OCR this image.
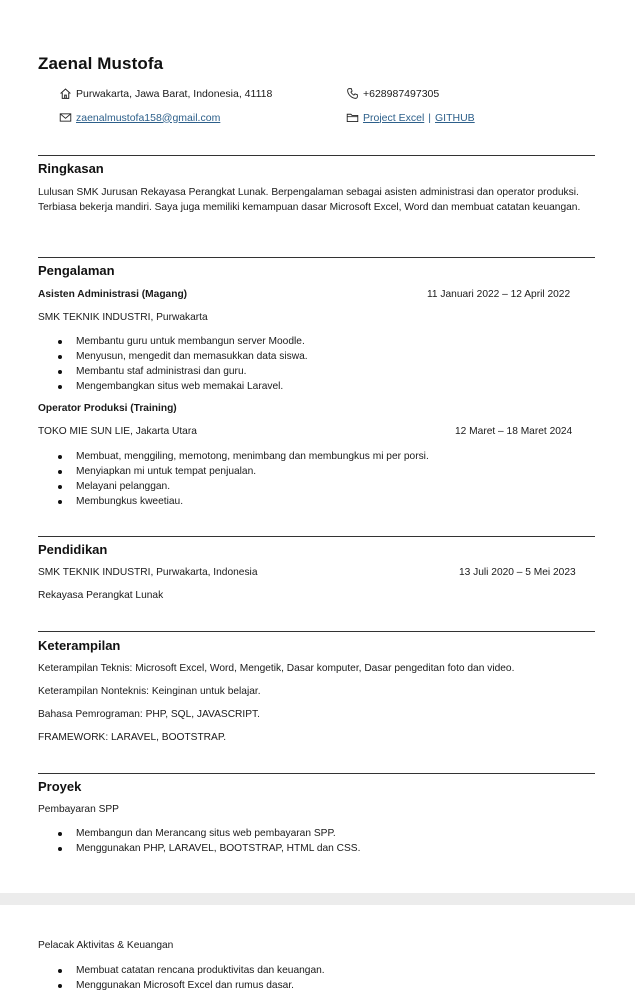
Zaenal Mustofa
Purwakarta, Jawa Barat, Indonesia, 41118	+628987497305
zaenalmustofa158@gmail.com	Project Excel | GITHUB
Ringkasan
Lulusan SMK Jurusan Rekayasa Perangkat Lunak. Berpengalaman sebagai asisten administrasi dan operator produksi. Terbiasa bekerja mandiri. Saya juga memiliki kemampuan dasar Microsoft Excel, Word dan membuat catatan keuangan.
Pengalaman
Asisten Administrasi (Magang)	11 Januari 2022 – 12 April 2022
SMK TEKNIK INDUSTRI, Purwakarta
Membantu guru untuk membangun server Moodle.
Menyusun, mengedit dan memasukkan data siswa.
Membantu staf administrasi dan guru.
Mengembangkan situs web memakai Laravel.
Operator Produksi (Training)
TOKO MIE SUN LIE, Jakarta Utara	12 Maret – 18 Maret 2024
Membuat, menggiling, memotong, menimbang dan membungkus mi per porsi.
Menyiapkan mi untuk tempat penjualan.
Melayani pelanggan.
Membungkus kweetiau.
Pendidikan
SMK TEKNIK INDUSTRI, Purwakarta, Indonesia	13 Juli 2020 – 5 Mei 2023
Rekayasa Perangkat Lunak
Keterampilan
Keterampilan Teknis: Microsoft Excel, Word, Mengetik, Dasar komputer, Dasar pengeditan foto dan video.
Keterampilan Nonteknis: Keinginan untuk belajar.
Bahasa Pemrograman: PHP, SQL, JAVASCRIPT.
FRAMEWORK: LARAVEL, BOOTSTRAP.
Proyek
Pembayaran SPP
Membangun dan Merancang situs web pembayaran SPP.
Menggunakan PHP, LARAVEL, BOOTSTRAP, HTML dan CSS.
Pelacak Aktivitas & Keuangan
Membuat catatan rencana produktivitas dan keuangan.
Menggunakan Microsoft Excel dan rumus dasar.
